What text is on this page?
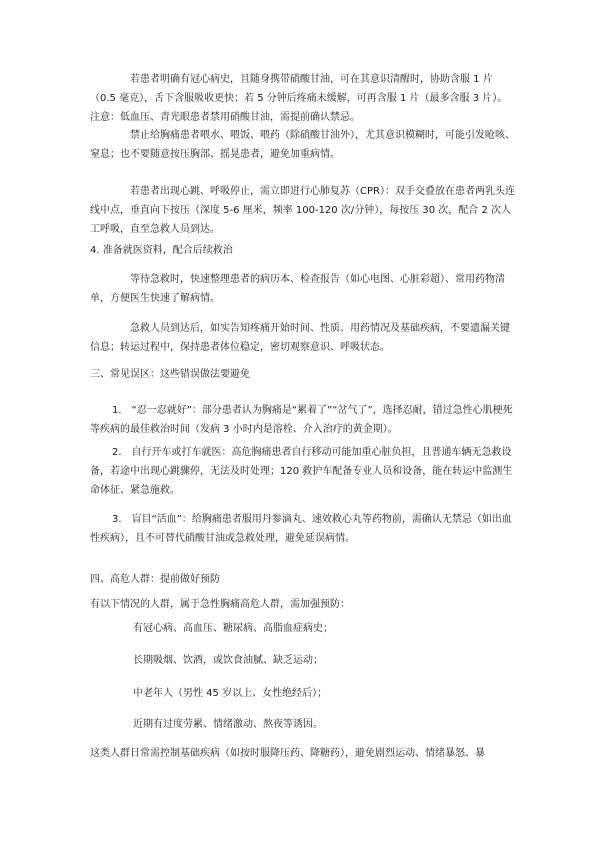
若患者明确有冠心病史，且随身携带硝酸甘油，可在其意识清醒时，协助含服 1 片（0.5 毫克），舌下含服吸收更快；若 5 分钟后疼痛未缓解，可再含服 1 片（最多含服 3 片）。注意：低血压、青光眼患者禁用硝酸甘油，需提前确认禁忌。

禁止给胸痛患者喂水、喂饭、喂药（除硝酸甘油外），尤其意识模糊时，可能引发呛咳、窒息；也不要随意按压胸部、摇晃患者，避免加重病情。

若患者出现心跳、呼吸停止，需立即进行心肺复苏（CPR）：双手交叠放在患者两乳头连线中点，垂直向下按压（深度 5-6 厘米，频率 100-120 次/分钟），每按压 30 次，配合 2 次人工呼吸，直至急救人员到达。

4. 准备就医资料，配合后续救治

等待急救时，快速整理患者的病历本、检查报告（如心电图、心脏彩超）、常用药物清单，方便医生快速了解病情。

急救人员到达后，如实告知疼痛开始时间、性质、用药情况及基础疾病，不要遗漏关键信息；转运过程中，保持患者体位稳定，密切观察意识、呼吸状态。

三、常见误区：这些错误做法要避免

1.　“忍一忍就好”：部分患者认为胸痛是“累着了”“岔气了”，选择忍耐，错过急性心肌梗死等疾病的最佳救治时间（发病 3 小时内是溶栓、介入治疗的黄金期）。

2.　自行开车或打车就医：高危胸痛患者自行移动可能加重心脏负担，且普通车辆无急救设备，若途中出现心跳骤停，无法及时处理；120 救护车配备专业人员和设备，能在转运中监测生命体征、紧急施救。

3.　盲目“活血”：给胸痛患者服用丹参滴丸、速效救心丸等药物前，需确认无禁忌（如出血性疾病），且不可替代硝酸甘油或急救处理，避免延误病情。

四、高危人群：提前做好预防

有以下情况的人群，属于急性胸痛高危人群，需加强预防：

有冠心病、高血压、糖尿病、高脂血症病史；

长期吸烟、饮酒，或饮食油腻、缺乏运动；

中老年人（男性 45 岁以上、女性绝经后）；

近期有过度劳累、情绪激动、熬夜等诱因。

这类人群日常需控制基础疾病（如按时服降压药、降糖药），避免剧烈运动、情绪暴怒、暴
